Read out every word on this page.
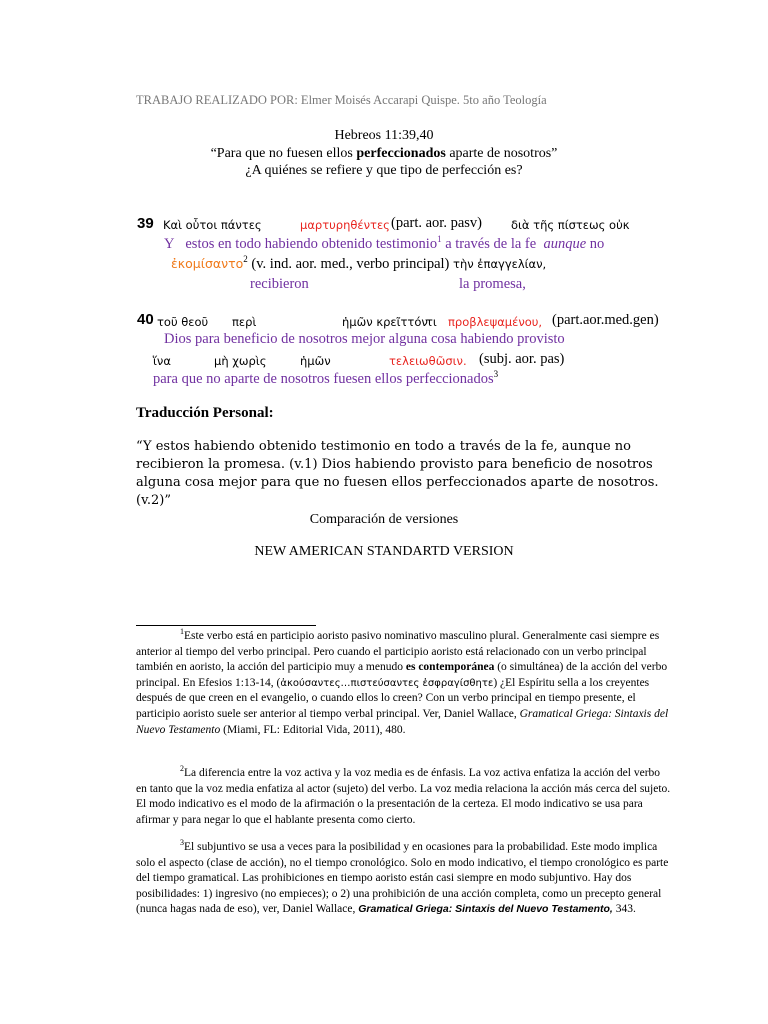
TRABAJO REALIZADO POR: Elmer Moisés Accarapi Quispe. 5to año Teología
Hebreos 11:39,40
“Para que no fuesen ellos perfeccionados aparte de nosotros”
¿A quiénes se refiere y que tipo de perfección es?
39 Καὶ οὗτοι πάντες	μαρτυρηθέντες (part. aor. pasv)	διὰ τῆς πίστεως οὐκ
Y estos en todo habiendo obtenido testimonio$^1$ a través de la fe aunque no
ἐκομίσαντο$^2$ (v. ind. aor. med., verbo principal) τὴν ἐπαγγελίαν,
recibieron	la promesa,
40 τοῦ θεοῦ περὶ	ἡμῶν κρεῖττόν
τι προβλεψαμένου, (part.aor.med.gen)
Dios para beneficio de nosotros mejor alguna cosa habiendo provisto
ἵνα	μὴ χωρὶς	ἡμῶν	τελειωθῶσιν. (subj. aor. pas)
para que no aparte de nosotros fuesen ellos perfeccionados$^3$
Traducción Personal:
“Y estos habiendo obtenido testimonio en todo a través de la fe, aunque no recibieron la promesa. (v.1) Dios habiendo provisto para beneficio de nosotros alguna cosa mejor para que no fuesen ellos perfeccionados aparte de nosotros. (v.2)”
Comparación de versiones
NEW AMERICAN STANDARTD VERSION
$^1$Este verbo está en participio aoristo pasivo nominativo masculino plural. Generalmente casi siempre es anterior al tiempo del verbo principal. Pero cuando el participio aoristo está relacionado con un verbo principal también en aoristo, la acción del participio muy a menudo es contemporánea (o simultánea) de la acción del verbo principal. En Efesios 1:13-14, (ἀκούσαντες…πιστεύσαντες ἐσφραγίσθητε) ¿El Espíritu sella a los creyentes después de que creen en el evangelio, o cuando ellos lo creen? Con un verbo principal en tiempo presente, el participio aoristo suele ser anterior al tiempo verbal principal. Ver, Daniel Wallace, Gramatical Griega: Sintaxis del Nuevo Testamento (Miami, FL: Editorial Vida, 2011), 480.
$^2$La diferencia entre la voz activa y la voz media es de énfasis. La voz activa enfatiza la acción del verbo en tanto que la voz media enfatiza al actor (sujeto) del verbo. La voz media relaciona la acción más cerca del sujeto. El modo indicativo es el modo de la afirmación o la presentación de la certeza. El modo indicativo se usa para afirmar y para negar lo que el hablante presenta como cierto.
$^3$El subjuntivo se usa a veces para la posibilidad y en ocasiones para la probabilidad. Este modo implica solo el aspecto (clase de acción), no el tiempo cronológico. Solo en modo indicativo, el tiempo cronológico es parte del tiempo gramatical. Las prohibiciones en tiempo aoristo están casi siempre en modo subjuntivo. Hay dos posibilidades: 1) ingresivo (no empieces); o 2) una prohibición de una acción completa, como un precepto general (nunca hagas nada de eso), ver, Daniel Wallace, Gramatical Griega: Sintaxis del Nuevo Testamento, 343.
